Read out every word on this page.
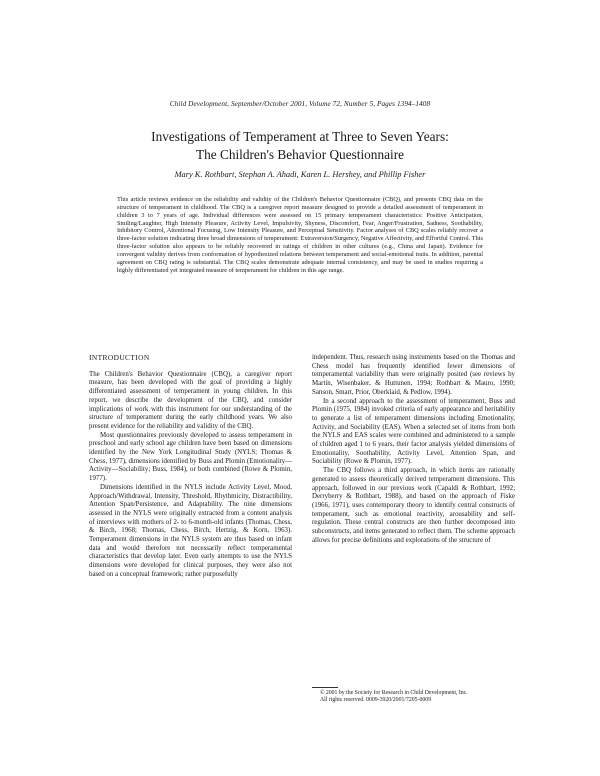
Child Development, September/October 2001, Volume 72, Number 5, Pages 1394–1408
Investigations of Temperament at Three to Seven Years:
The Children's Behavior Questionnaire
Mary K. Rothbart, Stephan A. Ahadi, Karen L. Hershey, and Phillip Fisher
This article reviews evidence on the reliability and validity of the Children's Behavior Questionnaire (CBQ), and presents CBQ data on the structure of temperament in childhood. The CBQ is a caregiver report measure designed to provide a detailed assessment of temperament in children 3 to 7 years of age. Individual differences were assessed on 15 primary temperament characteristics: Positive Anticipation, Smiling/Laughter, High Intensity Pleasure, Activity Level, Impulsivity, Shyness, Discomfort, Fear, Anger/Frustration, Sadness, Soothability, Inhibitory Control, Attentional Focusing, Low Intensity Pleasure, and Perceptual Sensitivity. Factor analyses of CBQ scales reliably recover a three-factor solution indicating three broad dimensions of temperament: Extraversion/Surgency, Negative Affectivity, and Effortful Control. This three-factor solution also appears to be reliably recovered in ratings of children in other cultures (e.g., China and Japan). Evidence for convergent validity derives from conformation of hypothesized relations between temperament and social-emotional traits. In addition, parental agreement on CBQ rating is substantial. The CBQ scales demonstrate adequate internal consistency, and may be used in studies requiring a highly differentiated yet integrated measure of temperament for children in this age range.
INTRODUCTION

The Children's Behavior Questionnaire (CBQ), a caregiver report measure, has been developed with the goal of providing a highly differentiated assessment of temperament in young children. In this report, we describe the development of the CBQ, and consider implications of work with this instrument for our understanding of the structure of temperament during the early childhood years. We also present evidence for the reliability and validity of the CBQ.

Most questionnaires previously developed to assess temperament in preschool and early school age children have been based on dimensions identified by the New York Longitudinal Study (NYLS; Thomas & Chess, 1977), dimensions identified by Buss and Plomin (Emotionality—Activity—Sociability; Buss, 1984), or both combined (Rowe & Plomin, 1977).

Dimensions identified in the NYLS include Activity Level, Mood, Approach/Withdrawal, Intensity, Threshold, Rhythmicity, Distractibility, Attention Span/Persistence, and Adaptability. The nine dimensions assessed in the NYLS were originally extracted from a content analysis of interviews with mothers of 2- to 6-month-old infants (Thomas, Chess, & Birch, 1968; Thomas, Chess, Birch, Hertzig, & Korn, 1963). Temperament dimensions in the NYLS system are thus based on infant data and would therefore not necessarily reflect temperamental characteristics that develop later. Even early attempts to use the NYLS dimensions were developed for clinical purposes, they were also not based on a conceptual framework; rather purposefully

independent. Thus, research using instruments based on the Thomas and Chess model has frequently identified fewer dimensions of temperamental variability than were originally posited (see reviews by Martin, Wisenbaker, & Huttunen, 1994; Rothbart & Mauro, 1990; Sanson, Smart, Prior, Oberklaid, & Pedlow, 1994).

In a second approach to the assessment of temperament, Buss and Plomin (1975, 1984) invoked criteria of early appearance and heritability to generate a list of temperament dimensions including Emotionality, Activity, and Sociability (EAS). When a selected set of items from both the NYLS and EAS scales were combined and administered to a sample of children aged 1 to 6 years, their factor analysis yielded dimensions of Emotionality, Soothability, Activity Level, Attention Span, and Sociability (Rowe & Plomin, 1977).

The CBQ follows a third approach, in which items are rationally generated to assess theoretically derived temperament dimensions. This approach, followed in our previous work (Capaldi & Rothbart, 1992; Derryberry & Rothbart, 1988), and based on the approach of Fiske (1966, 1971), uses contemporary theory to identify central constructs of temperament, such as emotional reactivity, arousability and self-regulation. These central constructs are then further decomposed into subconstructs, and items generated to reflect them. The scheme approach allows for precise definitions and explorations of the structure of

© 2001 by the Society for Research in Child Development, Inc.
All rights reserved. 0009-3920/2001/7205-0009
